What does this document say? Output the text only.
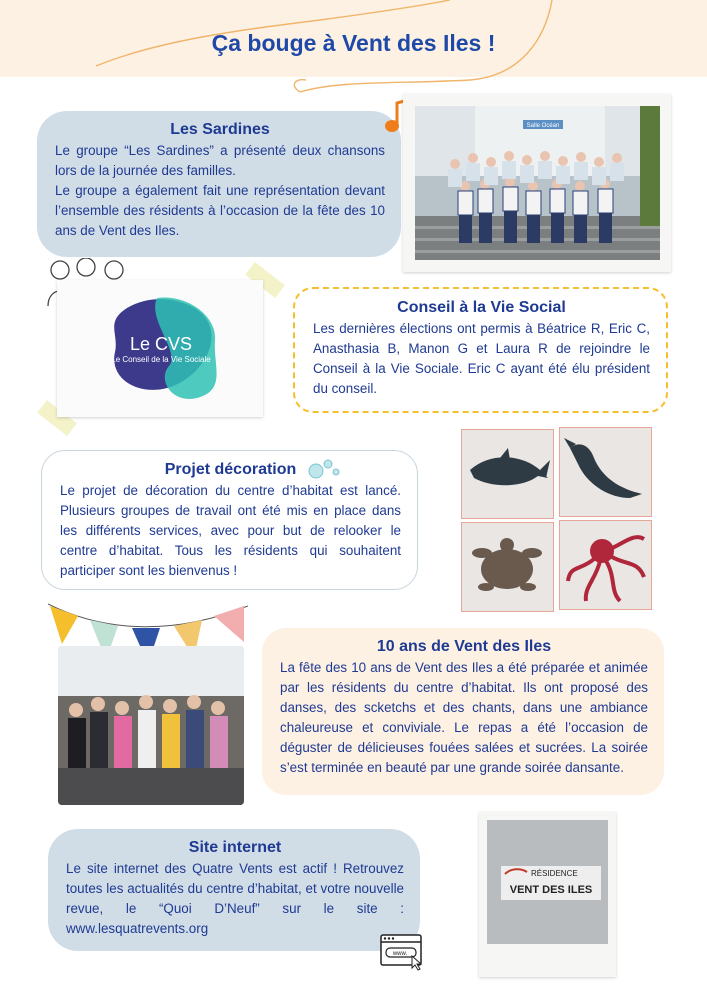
Ça bouge à Vent des Iles !
Les Sardines

Le groupe “Les Sardines” a présenté deux chansons lors de la journée des familles.
Le groupe a également fait une représentation devant l’ensemble des résidents à l’occasion de la fête des 10 ans de Vent des Iles.

Salle Océan
Le CVS
Le Conseil de la Vie Sociale
Conseil à la Vie Social

Les dernières élections ont permis à Béatrice R, Eric C, Anasthasia B, Manon G et Laura R de rejoindre le Conseil à la Vie Sociale. Eric C ayant été élu président du conseil.

Projet décoration

Le projet de décoration du centre d’habitat est lancé. Plusieurs groupes de travail ont été mis en place dans les différents services, avec pour but de relooker le centre d’habitat. Tous les résidents qui souhaitent participer sont les bienvenus !

10 ans de Vent des Iles

La fête des 10 ans de Vent des Iles a été préparée et animée par les résidents du centre d’habitat. Ils ont proposé des danses, des scketchs et des chants, dans une ambiance chaleureuse et conviviale. Le repas a été l’occasion de déguster de délicieuses fouées salées et sucrées. La soirée s’est terminée en beauté par une grande soirée dansante.

Site internet

Le site internet des Quatre Vents est actif ! Retrouvez toutes les actualités du centre d’habitat, et votre nouvelle revue, le “Quoi D’Neuf” sur le site : www.lesquatrevents.org

www.
RÉSIDENCE
VENT DES ILES
